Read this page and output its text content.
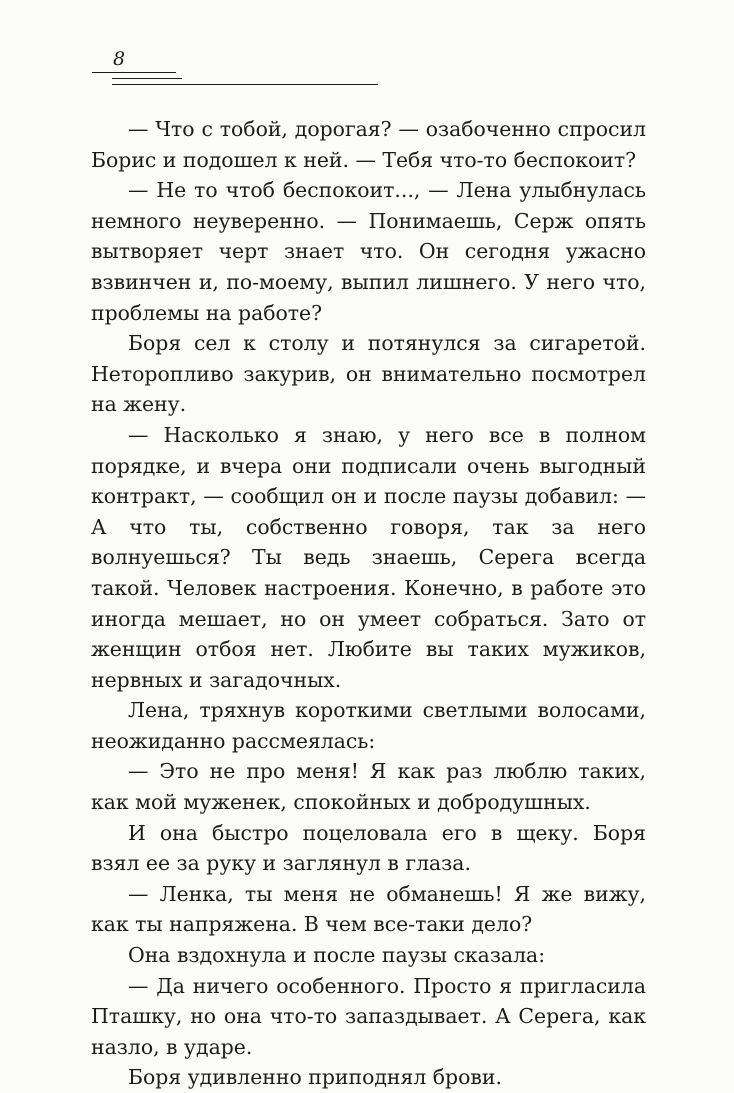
8

— Что с тобой, дорогая? — озабоченно спросил Борис и подошел к ней. — Тебя что-то беспокоит?

— Не то чтоб беспокоит..., — Лена улыбнулась немного неуверенно. — Понимаешь, Серж опять вытворяет черт знает что. Он сегодня ужасно взвинчен и, по-моему, выпил лишнего. У него что, проблемы на работе?

Боря сел к столу и потянулся за сигаретой. Неторопливо закурив, он внимательно посмотрел на жену.

— Насколько я знаю, у него все в полном порядке, и вчера они подписали очень выгодный контракт, — сообщил он и после паузы добавил: — А что ты, собственно говоря, так за него волнуешься? Ты ведь знаешь, Серега всегда такой. Человек настроения. Конечно, в работе это иногда мешает, но он умеет собраться. Зато от женщин отбоя нет. Любите вы таких мужиков, нервных и загадочных.

Лена, тряхнув короткими светлыми волосами, неожиданно рассмеялась:

— Это не про меня! Я как раз люблю таких, как мой муженек, спокойных и добродушных.

И она быстро поцеловала его в щеку. Боря взял ее за руку и заглянул в глаза.

— Ленка, ты меня не обманешь! Я же вижу, как ты напряжена. В чем все-таки дело?

Она вздохнула и после паузы сказала:

— Да ничего особенного. Просто я пригласила Пташку, но она что-то запаздывает. А Серега, как назло, в ударе.

Боря удивленно приподнял брови.
